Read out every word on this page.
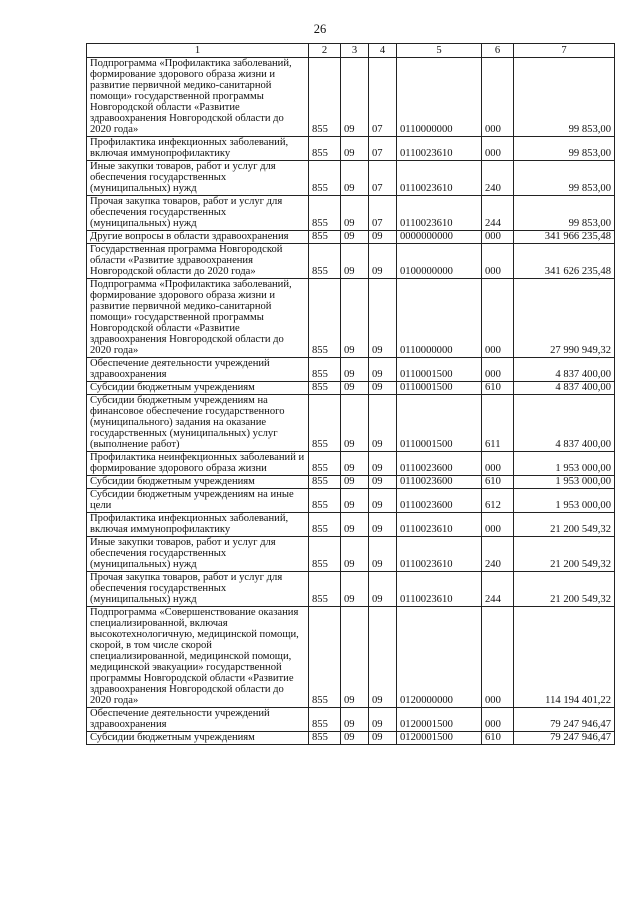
26
1	2	3	4	5	6	7
Подпрограмма «Профилактика заболеваний, формирование здорового образа жизни и развитие первичной медико-санитарной помощи» государственной программы Новгородской области «Развитие здравоохранения Новгородской области до 2020 года»	855	09	07	0110000000	000	99 853,00
Профилактика инфекционных заболеваний, включая иммунопрофилактику	855	09	07	0110023610	000	99 853,00
Иные закупки товаров, работ и услуг для обеспечения государственных (муниципальных) нужд	855	09	07	0110023610	240	99 853,00
Прочая закупка товаров, работ и услуг для обеспечения государственных (муниципальных) нужд	855	09	07	0110023610	244	99 853,00
Другие вопросы в области здравоохранения	855	09	09	0000000000	000	341 966 235,48
Государственная программа Новгородской области «Развитие здравоохранения Новгородской области до 2020 года»	855	09	09	0100000000	000	341 626 235,48
Подпрограмма «Профилактика заболеваний, формирование здорового образа жизни и развитие первичной медико-санитарной помощи» государственной программы Новгородской области «Развитие здравоохранения Новгородской области до 2020 года»	855	09	09	0110000000	000	27 990 949,32
Обеспечение деятельности учреждений здравоохранения	855	09	09	0110001500	000	4 837 400,00
Субсидии бюджетным учреждениям	855	09	09	0110001500	610	4 837 400,00
Субсидии бюджетным учреждениям на финансовое обеспечение государственного (муниципального) задания на оказание государственных (муниципальных) услуг (выполнение работ)	855	09	09	0110001500	611	4 837 400,00
Профилактика неинфекционных заболеваний и формирование здорового образа жизни	855	09	09	0110023600	000	1 953 000,00
Субсидии бюджетным учреждениям	855	09	09	0110023600	610	1 953 000,00
Субсидии бюджетным учреждениям на иные цели	855	09	09	0110023600	612	1 953 000,00
Профилактика инфекционных заболеваний, включая иммунопрофилактику	855	09	09	0110023610	000	21 200 549,32
Иные закупки товаров, работ и услуг для обеспечения государственных (муниципальных) нужд	855	09	09	0110023610	240	21 200 549,32
Прочая закупка товаров, работ и услуг для обеспечения государственных (муниципальных) нужд	855	09	09	0110023610	244	21 200 549,32
Подпрограмма «Совершенствование оказания специализированной, включая высокотехнологичную, медицинской помощи, скорой, в том числе скорой специализированной, медицинской помощи, медицинской эвакуации» государственной программы Новгородской области «Развитие здравоохранения Новгородской области до 2020 года»	855	09	09	0120000000	000	114 194 401,22
Обеспечение деятельности учреждений здравоохранения	855	09	09	0120001500	000	79 247 946,47
Субсидии бюджетным учреждениям	855	09	09	0120001500	610	79 247 946,47
